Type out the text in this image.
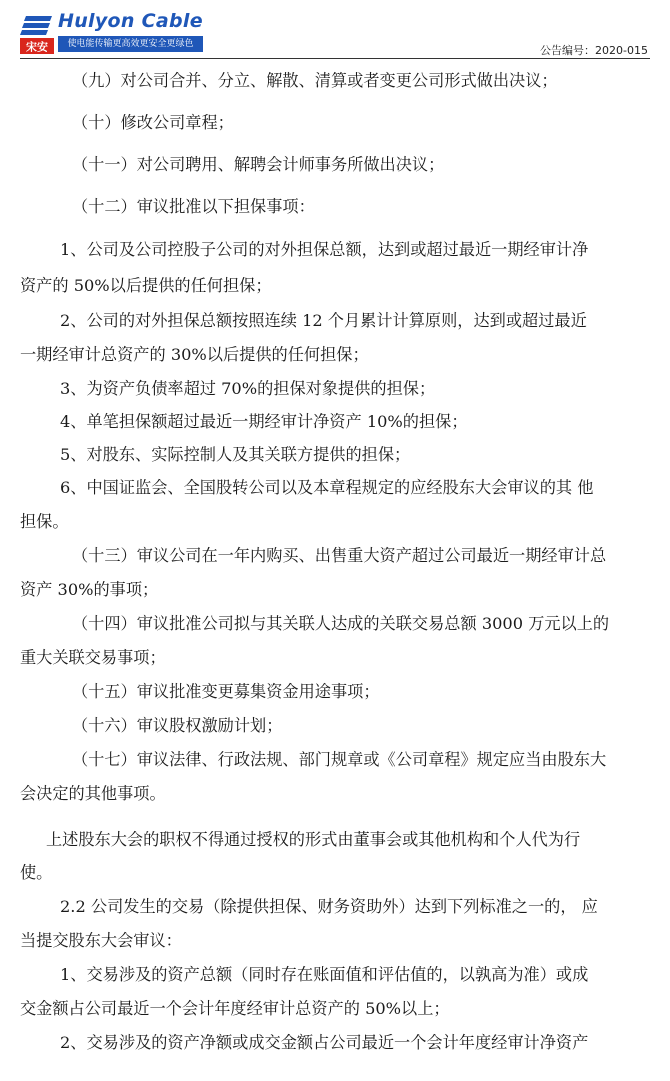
宋安
Hulyon Cable
使电能传输更高效更安全更绿色	公告编号：2020-015
（九）对公司合并、分立、解散、清算或者变更公司形式做出决议；
（十）修改公司章程；
（十一）对公司聘用、解聘会计师事务所做出决议；
（十二）审议批准以下担保事项：
1、公司及公司控股子公司的对外担保总额，达到或超过最近一期经审计净
资产的 50%以后提供的任何担保；
2、公司的对外担保总额按照连续 12 个月累计计算原则，达到或超过最近
一期经审计总资产的 30%以后提供的任何担保；
3、为资产负债率超过 70%的担保对象提供的担保；
4、单笔担保额超过最近一期经审计净资产 10%的担保；
5、对股东、实际控制人及其关联方提供的担保；
6、中国证监会、全国股转公司以及本章程规定的应经股东大会审议的其 他
担保。
（十三）审议公司在一年内购买、出售重大资产超过公司最近一期经审计总
资产 30%的事项；
（十四）审议批准公司拟与其关联人达成的关联交易总额 3000 万元以上的
重大关联交易事项；
（十五）审议批准变更募集资金用途事项；
（十六）审议股权激励计划；
（十七）审议法律、行政法规、部门规章或《公司章程》规定应当由股东大
会决定的其他事项。
上述股东大会的职权不得通过授权的形式由董事会或其他机构和个人代为行
使。
2.2 公司发生的交易（除提供担保、财务资助外）达到下列标准之一的， 应
当提交股东大会审议：
1、交易涉及的资产总额（同时存在账面值和评估值的，以孰高为准）或成
交金额占公司最近一个会计年度经审计总资产的 50%以上；
2、交易涉及的资产净额或成交金额占公司最近一个会计年度经审计净资产
